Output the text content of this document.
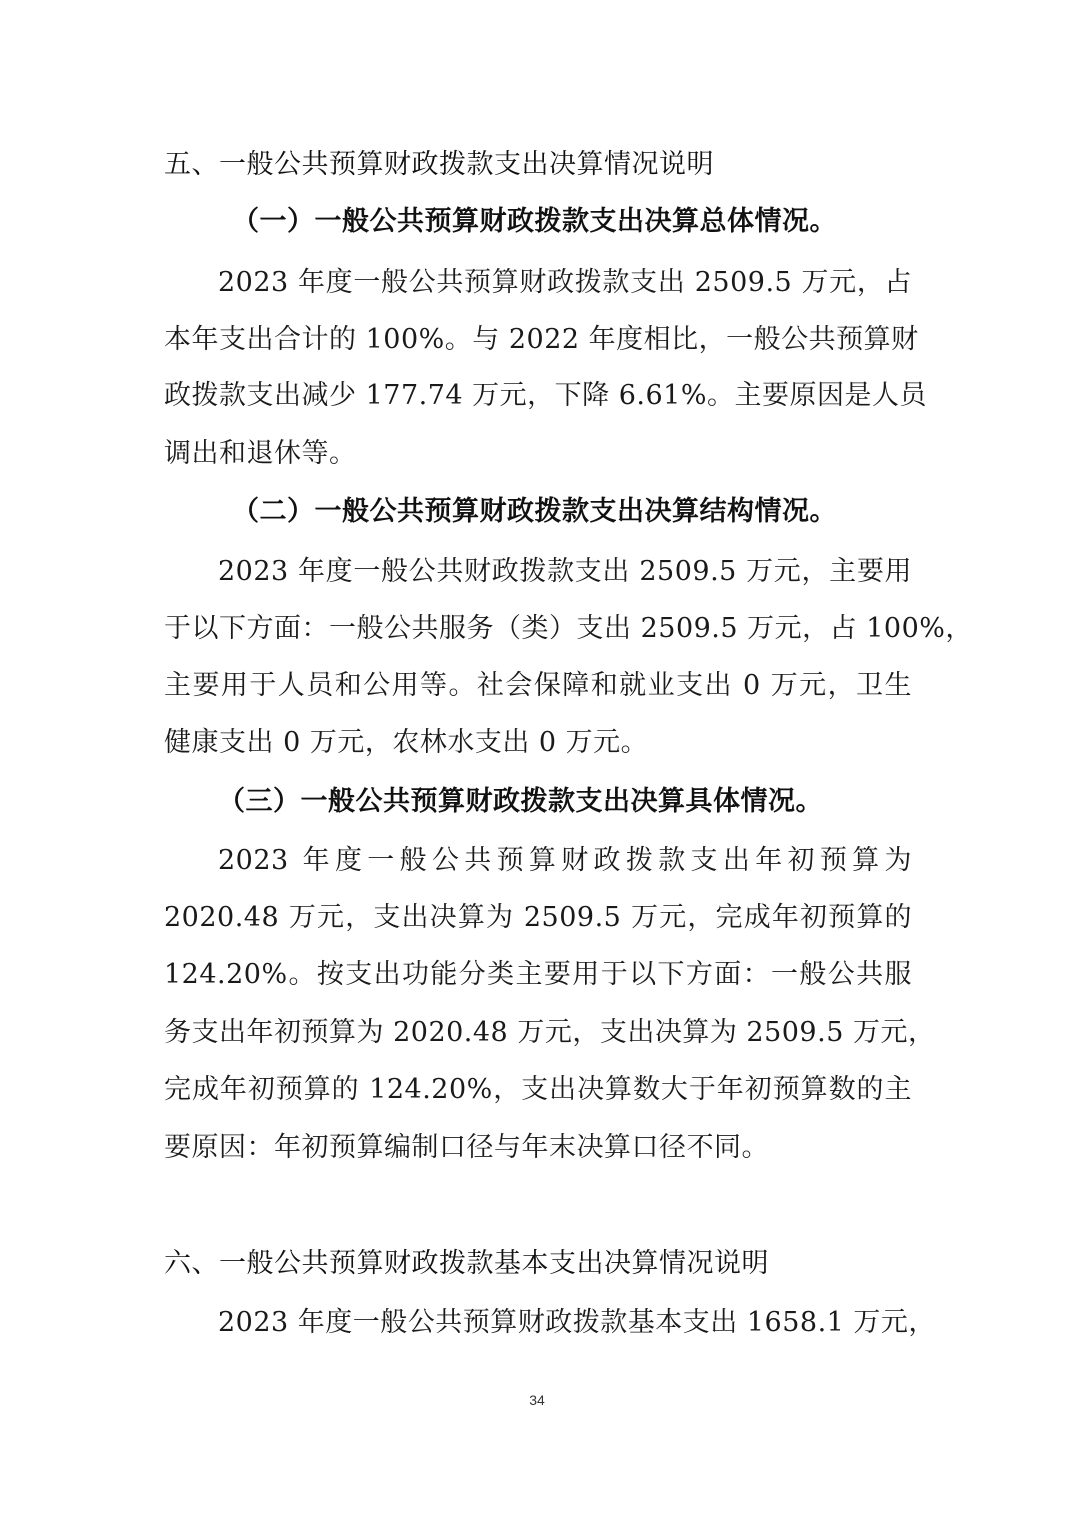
五、一般公共预算财政拨款支出决算情况说明
（一）一般公共预算财政拨款支出决算总体情况。
2023 年度一般公共预算财政拨款支出 2509.5 万元，占
本年支出合计的 100%。与 2022 年度相比，一般公共预算财
政拨款支出减少 177.74 万元，下降 6.61%。主要原因是人员
调出和退休等。
（二）一般公共预算财政拨款支出决算结构情况。
2023 年度一般公共财政拨款支出 2509.5 万元，主要用
于以下方面：一般公共服务（类）支出 2509.5 万元，占 100%，
主要用于人员和公用等。社会保障和就业支出 0 万元，卫生
健康支出 0 万元，农林水支出 0 万元。
（三）一般公共预算财政拨款支出决算具体情况。
2023 年度一般公共预算财政拨款支出年初预算为
2020.48 万元，支出决算为 2509.5 万元，完成年初预算的
124.20%。按支出功能分类主要用于以下方面：一般公共服
务支出年初预算为 2020.48 万元，支出决算为 2509.5 万元，
完成年初预算的 124.20%，支出决算数大于年初预算数的主
要原因：年初预算编制口径与年末决算口径不同。
六、一般公共预算财政拨款基本支出决算情况说明
2023 年度一般公共预算财政拨款基本支出 1658.1 万元，
34
